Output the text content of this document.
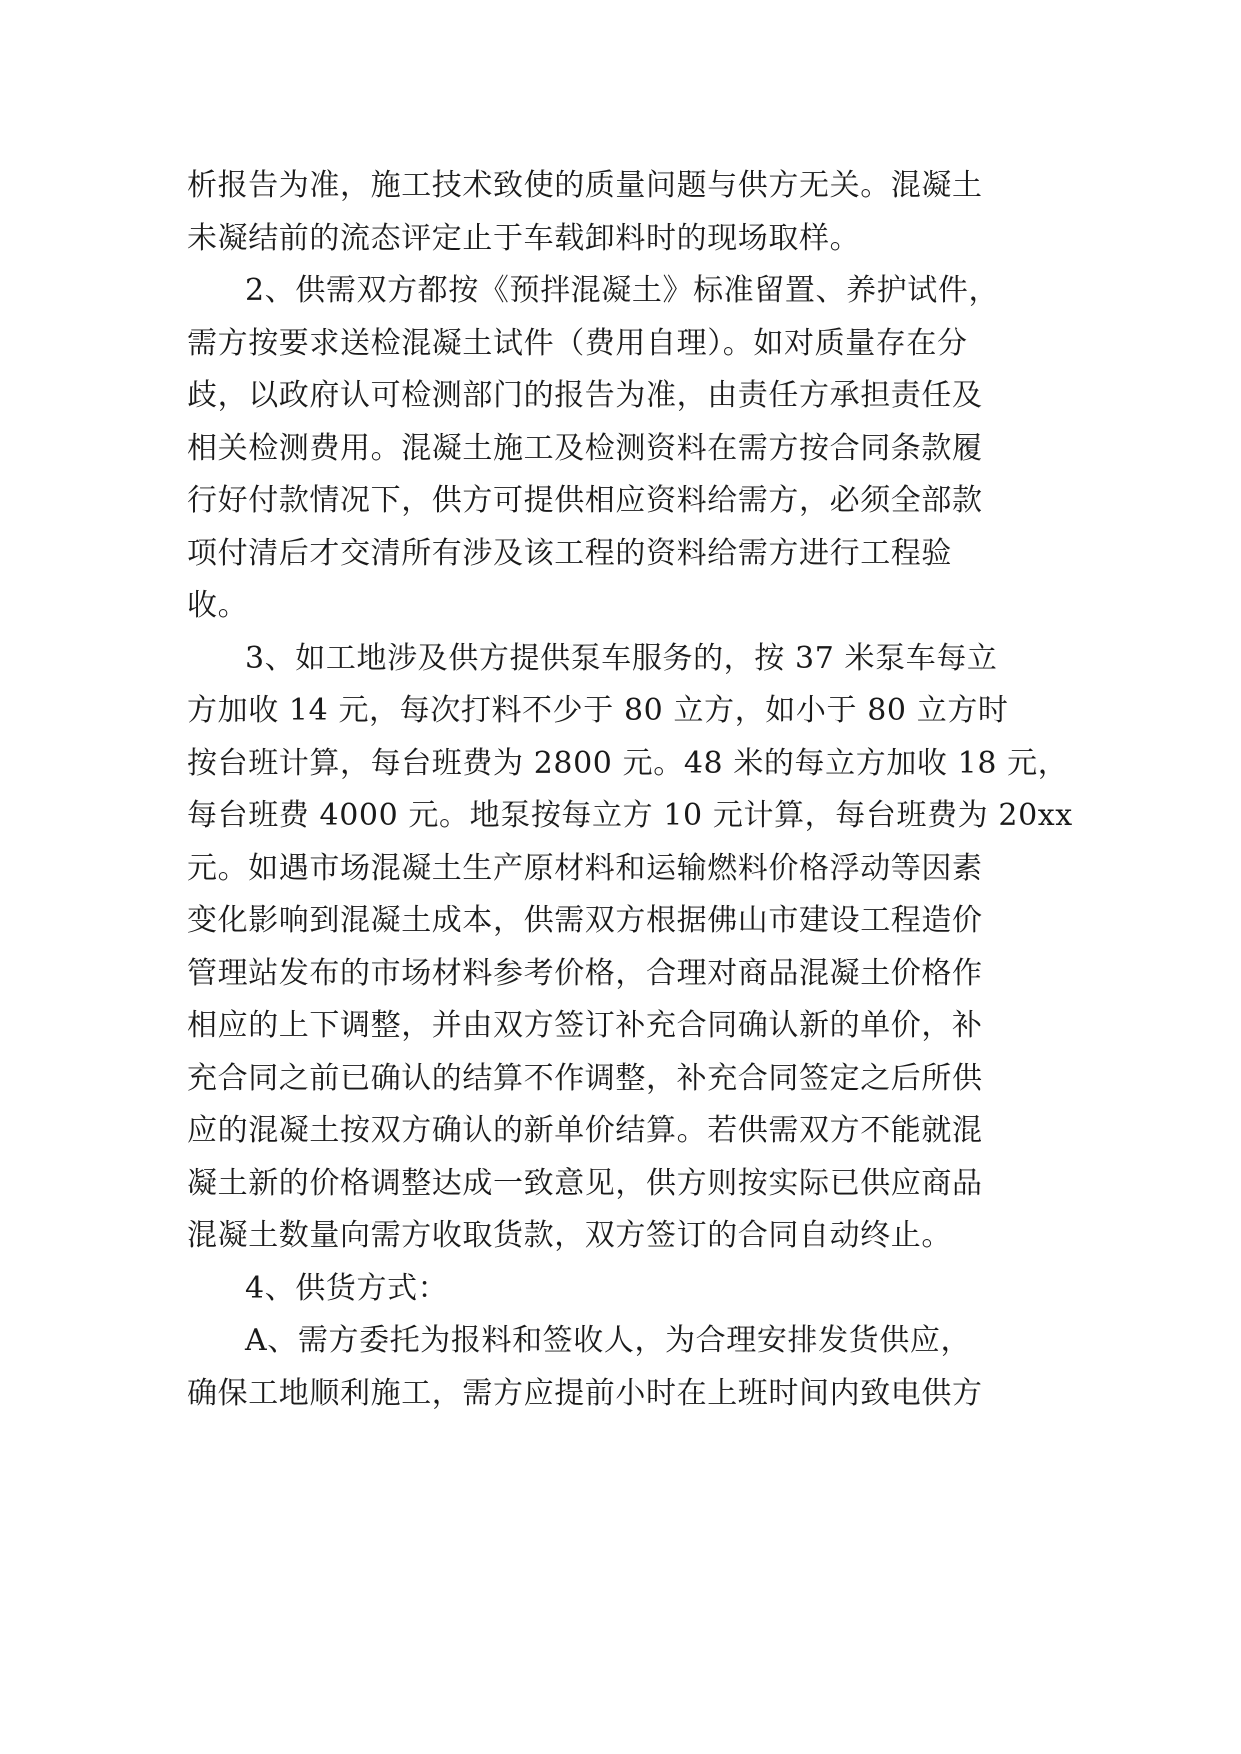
析报告为准，施工技术致使的质量问题与供方无关。混凝土
未凝结前的流态评定止于车载卸料时的现场取样。
2、供需双方都按《预拌混凝土》标准留置、养护试件，
需方按要求送检混凝土试件（费用自理）。如对质量存在分
歧，以政府认可检测部门的报告为准，由责任方承担责任及
相关检测费用。混凝土施工及检测资料在需方按合同条款履
行好付款情况下，供方可提供相应资料给需方，必须全部款
项付清后才交清所有涉及该工程的资料给需方进行工程验
收。
3、如工地涉及供方提供泵车服务的，按 37 米泵车每立
方加收 14 元，每次打料不少于 80 立方，如小于 80 立方时
按台班计算，每台班费为 2800 元。48 米的每立方加收 18 元，
每台班费 4000 元。地泵按每立方 10 元计算，每台班费为 20xx
元。如遇市场混凝土生产原材料和运输燃料价格浮动等因素
变化影响到混凝土成本，供需双方根据佛山市建设工程造价
管理站发布的市场材料参考价格，合理对商品混凝土价格作
相应的上下调整，并由双方签订补充合同确认新的单价，补
充合同之前已确认的结算不作调整，补充合同签定之后所供
应的混凝土按双方确认的新单价结算。若供需双方不能就混
凝土新的价格调整达成一致意见，供方则按实际已供应商品
混凝土数量向需方收取货款，双方签订的合同自动终止。
4、供货方式：
A、需方委托为报料和签收人，为合理安排发货供应，
确保工地顺利施工，需方应提前小时在上班时间内致电供方
